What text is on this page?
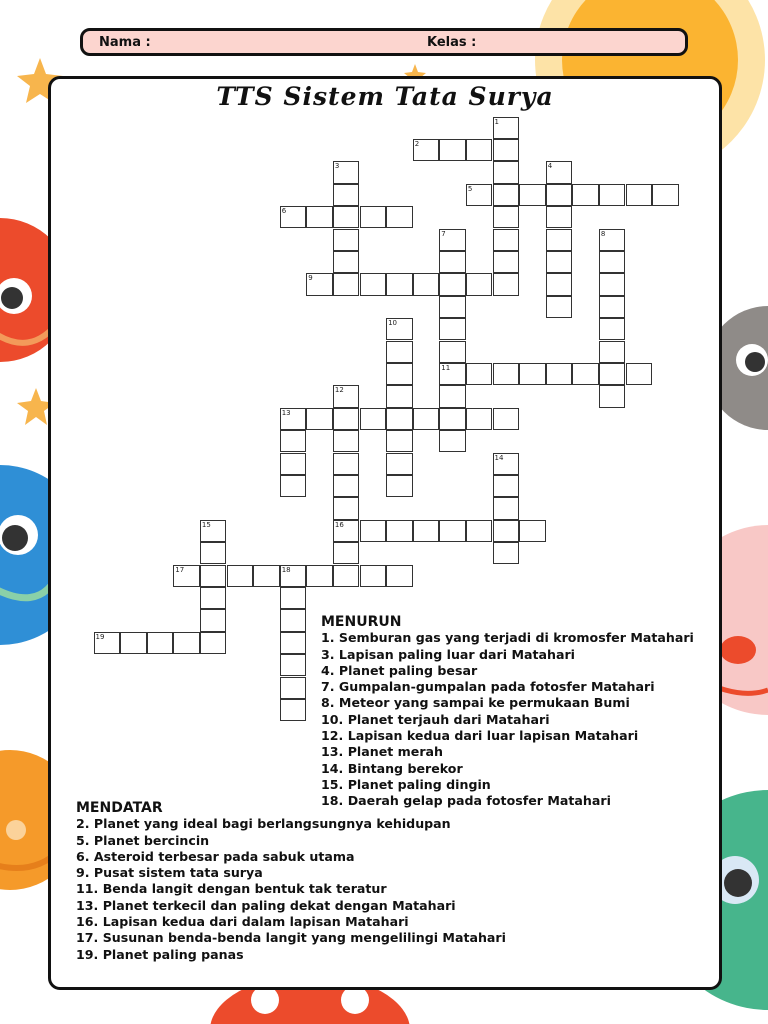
Nama :	Kelas :
TTS Sistem Tata Surya
1
2
3	4
5
6
7	8
9
10
11
12
13
14
15	16
17	18
19
MENURUN
1. Semburan gas yang terjadi di kromosfer Matahari
3. Lapisan paling luar dari Matahari
4. Planet paling besar
7. Gumpalan-gumpalan pada fotosfer Matahari
8. Meteor yang sampai ke permukaan Bumi
10. Planet terjauh dari Matahari
12. Lapisan kedua dari luar lapisan Matahari
13. Planet merah
14. Bintang berekor
15. Planet paling dingin
18. Daerah gelap pada fotosfer Matahari
MENDATAR
2. Planet yang ideal bagi berlangsungnya kehidupan
5. Planet bercincin
6. Asteroid terbesar pada sabuk utama
9. Pusat sistem tata surya
11. Benda langit dengan bentuk tak teratur
13. Planet terkecil dan paling dekat dengan Matahari
16. Lapisan kedua dari dalam lapisan Matahari
17. Susunan benda-benda langit yang mengelilingi Matahari
19. Planet paling panas
